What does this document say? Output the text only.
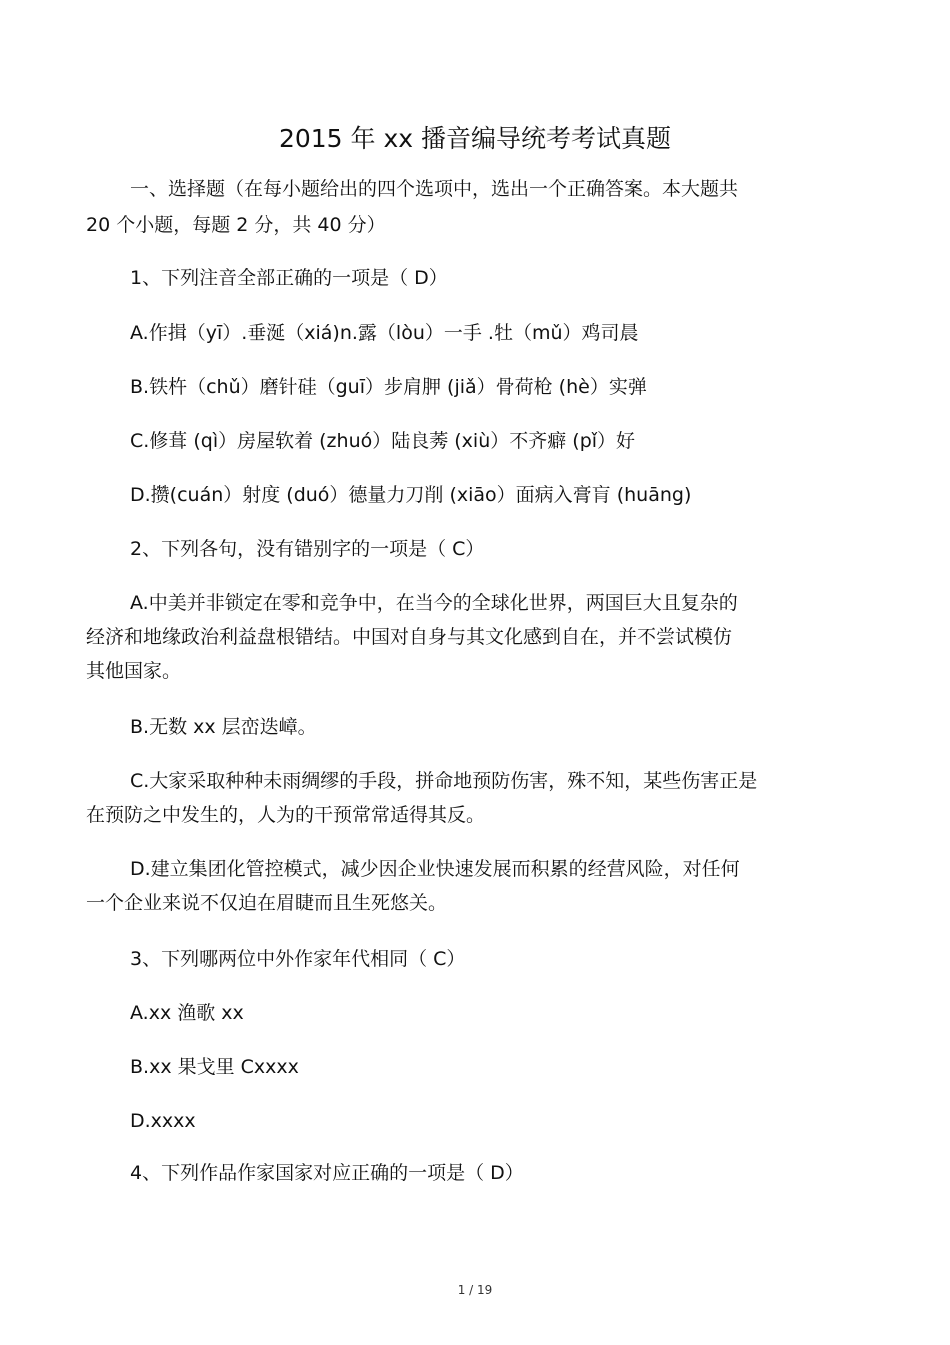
2015 年 xx 播音编导统考考试真题
一、选择题（在每小题给出的四个选项中，选出一个正确答案。本大题共
20 个小题，每题 2 分，共 40 分）
1、下列注音全部正确的一项是（ D）
A.作揖（yī）.垂涎（xiá)n.露（lòu）一手 .牡（mǔ）鸡司晨
B.铁杵（chǔ）磨针硅（guī）步肩胛 (jiǎ）骨荷枪 (hè）实弹
C.修葺 (qì）房屋软着 (zhuó）陆良莠 (xiù）不齐癖 (pǐ）好
D.攒(cuán）射度 (duó）德量力刀削 (xiāo）面病入膏肓 (huāng)
2、下列各句，没有错别字的一项是（ C）
A.中美并非锁定在零和竞争中，在当今的全球化世界，两国巨大且复杂的
经济和地缘政治利益盘根错结。中国对自身与其文化感到自在，并不尝试模仿
其他国家。
B.无数 xx 层峦迭嶂。
C.大家采取种种未雨绸缪的手段，拼命地预防伤害，殊不知，某些伤害正是
在预防之中发生的，人为的干预常常适得其反。
D.建立集团化管控模式，减少因企业快速发展而积累的经营风险，对任何
一个企业来说不仅迫在眉睫而且生死悠关。
3、下列哪两位中外作家年代相同（ C）
A.xx 渔歌 xx
B.xx 果戈里 Cxxxx
D.xxxx
4、下列作品作家国家对应正确的一项是（ D）
1 / 19
